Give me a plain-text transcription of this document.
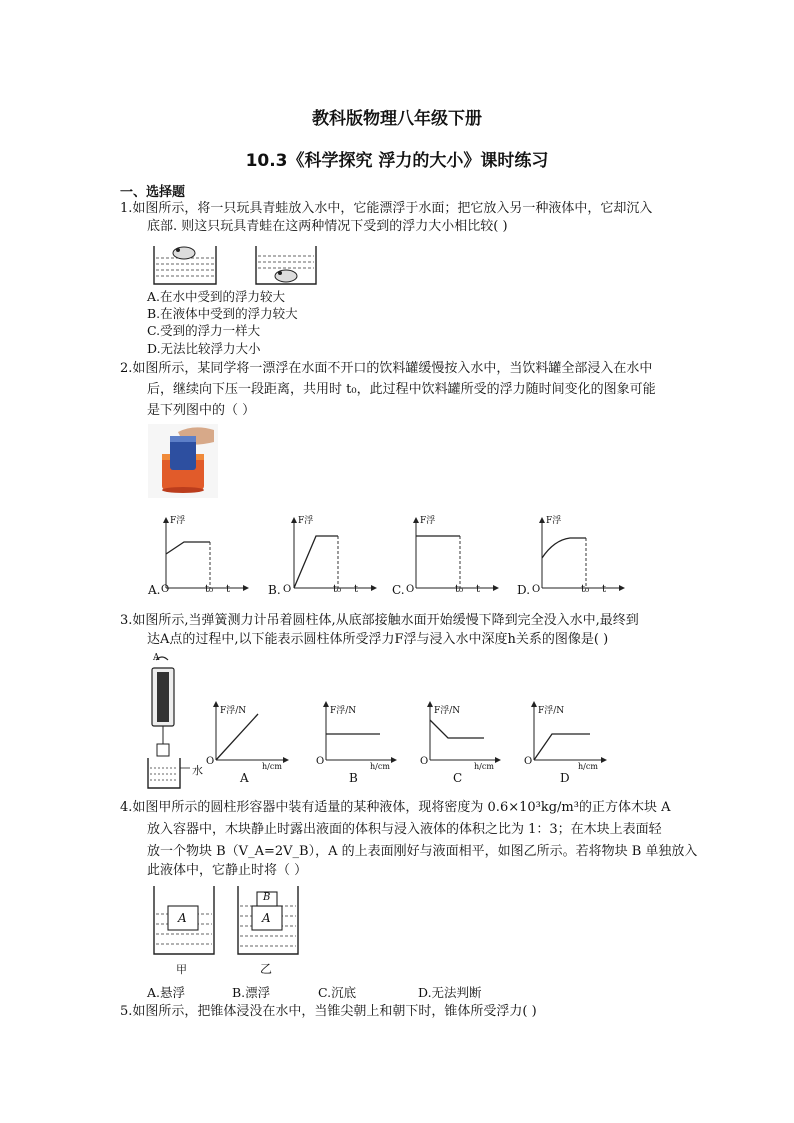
教科版物理八年级下册
10.3《科学探究 浮力的大小》课时练习
一、选择题
1.如图所示，将一只玩具青蛙放入水中，它能漂浮于水面；把它放入另一种液体中，它却沉入
底部. 则这只玩具青蛙在这两种情况下受到的浮力大小相比较( )
A.在水中受到的浮力较大
B.在液体中受到的浮力较大
C.受到的浮力一样大
D.无法比较浮力大小
2.如图所示，某同学将一漂浮在水面不开口的饮料罐缓慢按入水中，当饮料罐全部浸入在水中
后，继续向下压一段距离，共用时 t₀，此过程中饮料罐所受的浮力随时间变化的图象可能
是下列图中的（ ）
F浮	F浮	F浮	F浮
A. O	t₀ t	B. O	t₀ t	C. O	t₀ t	D. O	t₀ t
3.如图所示,当弹簧测力计吊着圆柱体,从底部接触水面开始缓慢下降到完全没入水中,最终到
达A点的过程中,以下能表示圆柱体所受浮力F浮与浸入水中深度h关系的图像是( )
水
A
F浮/N	F浮/N	F浮/N	F浮/N
O	O	O	O
h/cm	h/cm	h/cm	h/cm
A	B	C	D
4.如图甲所示的圆柱形容器中装有适量的某种液体，现将密度为 0.6×10³kg/m³的正方体木块 A
放入容器中，木块静止时露出液面的体积与浸入液体的体积之比为 1：3；在木块上表面轻
放一个物块 B（V_A=2V_B），A 的上表面刚好与液面相平，如图乙所示。若将物块 B 单独放入
此液体中，它静止时将（ ）
A	A
B
甲	乙
A.悬浮	B.漂浮	C.沉底	D.无法判断
5.如图所示，把锥体浸没在水中，当锥尖朝上和朝下时，锥体所受浮力( )
